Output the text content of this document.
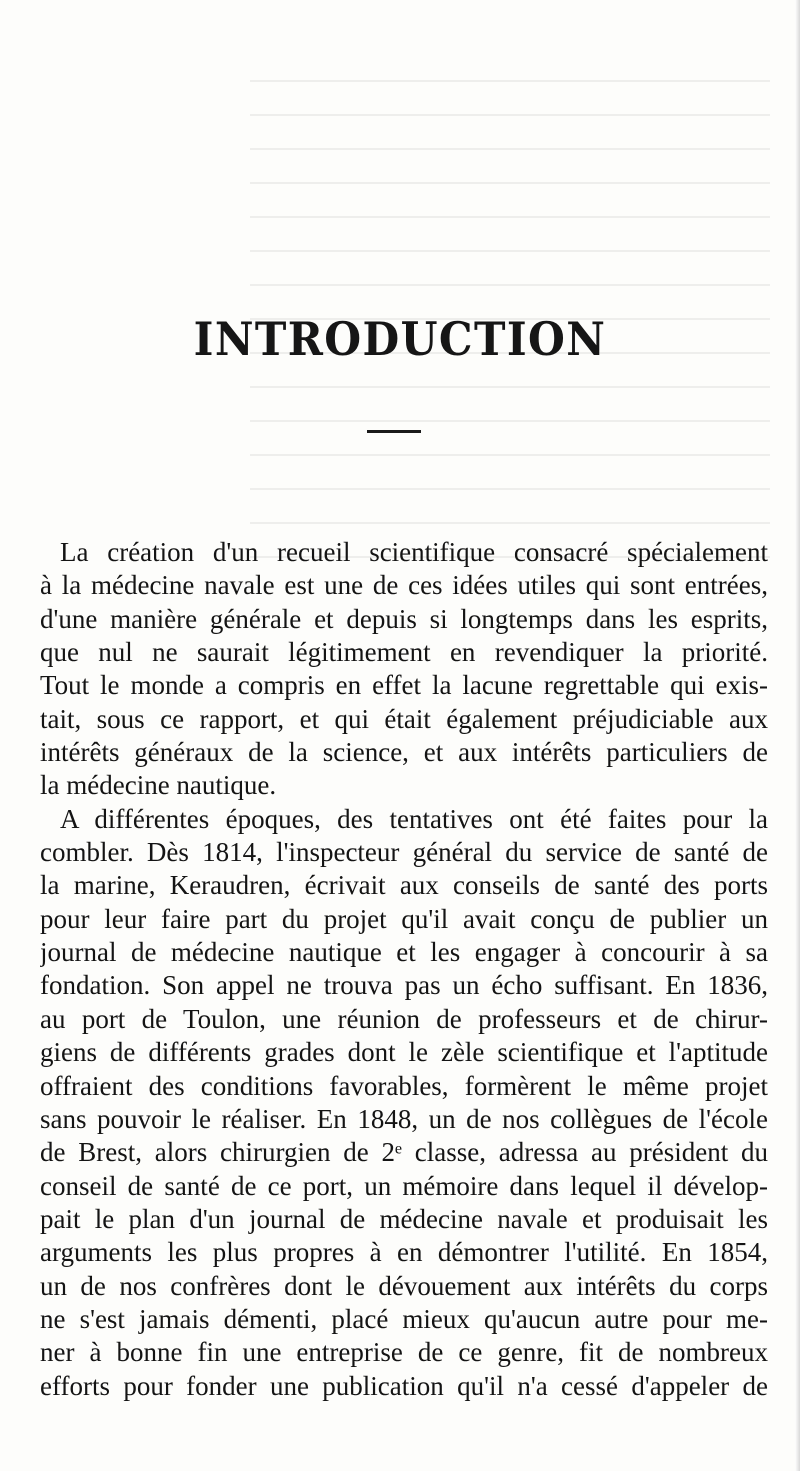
INTRODUCTION
La création d'un recueil scientifique consacré spécialement
à la médecine navale est une de ces idées utiles qui sont entrées,
d'une manière générale et depuis si longtemps dans les esprits,
que nul ne saurait légitimement en revendiquer la priorité.
Tout le monde a compris en effet la lacune regrettable qui exis-
tait, sous ce rapport, et qui était également préjudiciable aux
intérêts généraux de la science, et aux intérêts particuliers de
la médecine nautique.
A différentes époques, des tentatives ont été faites pour la
combler. Dès 1814, l'inspecteur général du service de santé de
la marine, Keraudren, écrivait aux conseils de santé des ports
pour leur faire part du projet qu'il avait conçu de publier un
journal de médecine nautique et les engager à concourir à sa
fondation. Son appel ne trouva pas un écho suffisant. En 1836,
au port de Toulon, une réunion de professeurs et de chirur-
giens de différents grades dont le zèle scientifique et l'aptitude
offraient des conditions favorables, formèrent le même projet
sans pouvoir le réaliser. En 1848, un de nos collègues de l'école
de Brest, alors chirurgien de 2ᵉ classe, adressa au président du
conseil de santé de ce port, un mémoire dans lequel il dévelop-
pait le plan d'un journal de médecine navale et produisait les
arguments les plus propres à en démontrer l'utilité. En 1854,
un de nos confrères dont le dévouement aux intérêts du corps
ne s'est jamais démenti, placé mieux qu'aucun autre pour me-
ner à bonne fin une entreprise de ce genre, fit de nombreux
efforts pour fonder une publication qu'il n'a cessé d'appeler de
